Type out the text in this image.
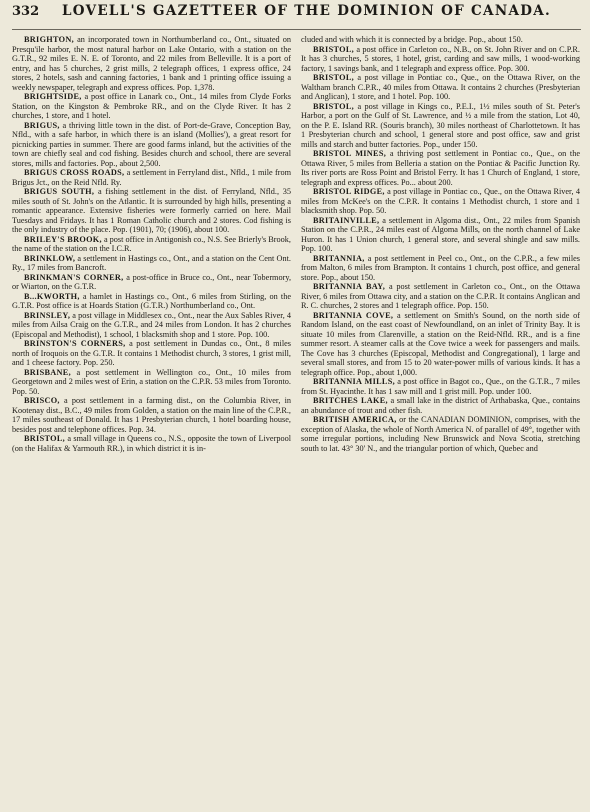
332	LOVELL'S GAZETTEER OF THE DOMINION OF CANADA.

BRIGHTON, an incorporated town in Northumberland co., Ont., situated on Presqu'ile harbor, the most natural harbor on Lake Ontario, with a station on the G.T.R., 92 miles E. N. E. of Toronto, and 22 miles from Belleville. It is a port of entry, and has 5 churches, 2 grist mills, 2 telegraph offices, 1 express office, 24 stores, 2 hotels, sash and canning factories, 1 bank and 1 printing office issuing a weekly newspaper, telegraph and express offices. Pop. 1,378.

BRIGHTSIDE, a post office in Lanark co., Ont., 14 miles from Clyde Forks Station, on the Kingston & Pembroke RR., and on the Clyde River. It has 2 churches, 1 store, and 1 hotel.

BRIGUS, a thriving little town in the dist. of Port-de-Grave, Conception Bay, Nfld., with a safe harbor, in which there is an island (Mollies'), a great resort for picnicking parties in summer. There are good farms inland, but the activities of the town are chiefly seal and cod fishing. Besides church and school, there are several stores, mills and factories. Pop., about 2,500.

BRIGUS CROSS ROADS, a settlement in Ferryland dist., Nfld., 1 mile from Brigus Jct., on the Reid Nfld. Ry.

BRIGUS SOUTH, a fishing settlement in the dist. of Ferryland, Nfld., 35 miles south of St. John's on the Atlantic. It is surrounded by high hills, presenting a romantic appearance. Extensive fisheries were formerly carried on here. Mail Tuesdays and Fridays. It has 1 Roman Catholic church and 2 stores. Cod fishing is the only industry of the place. Pop. (1901), 70; (1906), about 100.

BRILEY'S BROOK, a post office in Antigonish co., N.S. See Brierly's Brook, the name of the station on the I.C.R.

BRINKLOW, a settlement in Hastings co., Ont., and a station on the Cent Ont. Ry., 17 miles from Bancroft.

BRINKMAN'S CORNER, a post-office in Bruce co., Ont., near Tobermory, or Wiarton, on the G.T.R.

B...KWORTH, a hamlet in Hastings co., Ont., 6 miles from Stirling, on the G.T.R. Post office is at Hoards Station (G.T.R.) Northumberland co., Ont.

BRINSLEY, a post village in Middlesex co., Ont., near the Aux Sables River, 4 miles from Ailsa Craig on the G.T.R., and 24 miles from London. It has 2 churches (Episcopal and Methodist), 1 school, 1 blacksmith shop and 1 store. Pop. 100.

BRINSTON'S CORNERS, a post settlement in Dundas co., Ont., 8 miles north of Iroquois on the G.T.R. It contains 1 Methodist church, 3 stores, 1 grist mill, and 1 cheese factory. Pop. 250.

BRISBANE, a post settlement in Wellington co., Ont., 10 miles from Georgetown and 2 miles west of Erin, a station on the C.P.R. 53 miles from Toronto. Pop. 50.

BRISCO, a post settlement in a farming dist., on the Columbia River, in Kootenay dist., B.C., 49 miles from Golden, a station on the main line of the C.P.R., 17 miles southeast of Donald. It has 1 Presbyterian church, 1 hotel boarding house, besides post and telephone offices. Pop. 34.

BRISTOL, a small village in Queens co., N.S., opposite the town of Liverpool (on the Halifax & Yarmouth RR.), in which district it is in-

cluded and with which it is connected by a bridge. Pop., about 150.

BRISTOL, a post office in Carleton co., N.B., on St. John River and on C.P.R. It has 3 churches, 5 stores, 1 hotel, grist, carding and saw mills, 1 wood-working factory, 1 savings bank, and 1 telegraph and express office. Pop. 300.

BRISTOL, a post village in Pontiac co., Que., on the Ottawa River, on the Waltham branch C.P.R., 40 miles from Ottawa. It contains 2 churches (Presbyterian and Anglican), 1 store, and 1 hotel. Pop. 100.

BRISTOL, a post village in Kings co., P.E.I., 1½ miles south of St. Peter's Harbor, a port on the Gulf of St. Lawrence, and ½ a mile from the station, Lot 40, on the P. E. Island RR. (Souris branch), 30 miles northeast of Charlottetown. It has 1 Presbyterian church and school, 1 general store and post office, saw and grist mills and starch and butter factories. Pop., under 150.

BRISTOL MINES, a thriving post settlement in Pontiac co., Que., on the Ottawa River, 5 miles from Belleria a station on the Pontiac & Pacific Junction Ry. Its river ports are Ross Point and Bristol Ferry. It has 1 Church of England, 1 store, telegraph and express offices. Po... about 200.

BRISTOL RIDGE, a post village in Pontiac co., Que., on the Ottawa River, 4 miles from McKee's on the C.P.R. It contains 1 Methodist church, 1 store and 1 blacksmith shop. Pop. 50.

BRITAINVILLE, a settlement in Algoma dist., Ont., 22 miles from Spanish Station on the C.P.R., 24 miles east of Algoma Mills, on the north channel of Lake Huron. It has 1 Union church, 1 general store, and several shingle and saw mills. Pop. 100.

BRITANNIA, a post settlement in Peel co., Ont., on the C.P.R., a few miles from Malton, 6 miles from Brampton. It contains 1 church, post office, and general store. Pop., about 150.

BRITANNIA BAY, a post settlement in Carleton co., Ont., on the Ottawa River, 6 miles from Ottawa city, and a station on the C.P.R. It contains Anglican and R. C. churches, 2 stores and 1 telegraph office. Pop. 150.

BRITANNIA COVE, a settlement on Smith's Sound, on the north side of Random Island, on the east coast of Newfoundland, on an inlet of Trinity Bay. It is situate 10 miles from Clarenville, a station on the Reid-Nfld. RR., and is a fine summer resort. A steamer calls at the Cove twice a week for passengers and mails. The Cove has 3 churches (Episcopal, Methodist and Congregational), 1 large and several small stores, and from 15 to 20 water-power mills of various kinds. It has a telegraph office. Pop., about 1,000.

BRITANNIA MILLS, a post office in Bagot co., Que., on the G.T.R., 7 miles from St. Hyacinthe. It has 1 saw mill and 1 grist mill. Pop. under 100.

BRITCHES LAKE, a small lake in the district of Arthabaska, Que., contains an abundance of trout and other fish.

BRITISH AMERICA, or the CANADIAN DOMINION, comprises, with the exception of Alaska, the whole of North America N. of parallel of 49°, together with some irregular portions, including New Brunswick and Nova Scotia, stretching south to lat. 43° 30' N., and the triangular portion of which, Quebec and
